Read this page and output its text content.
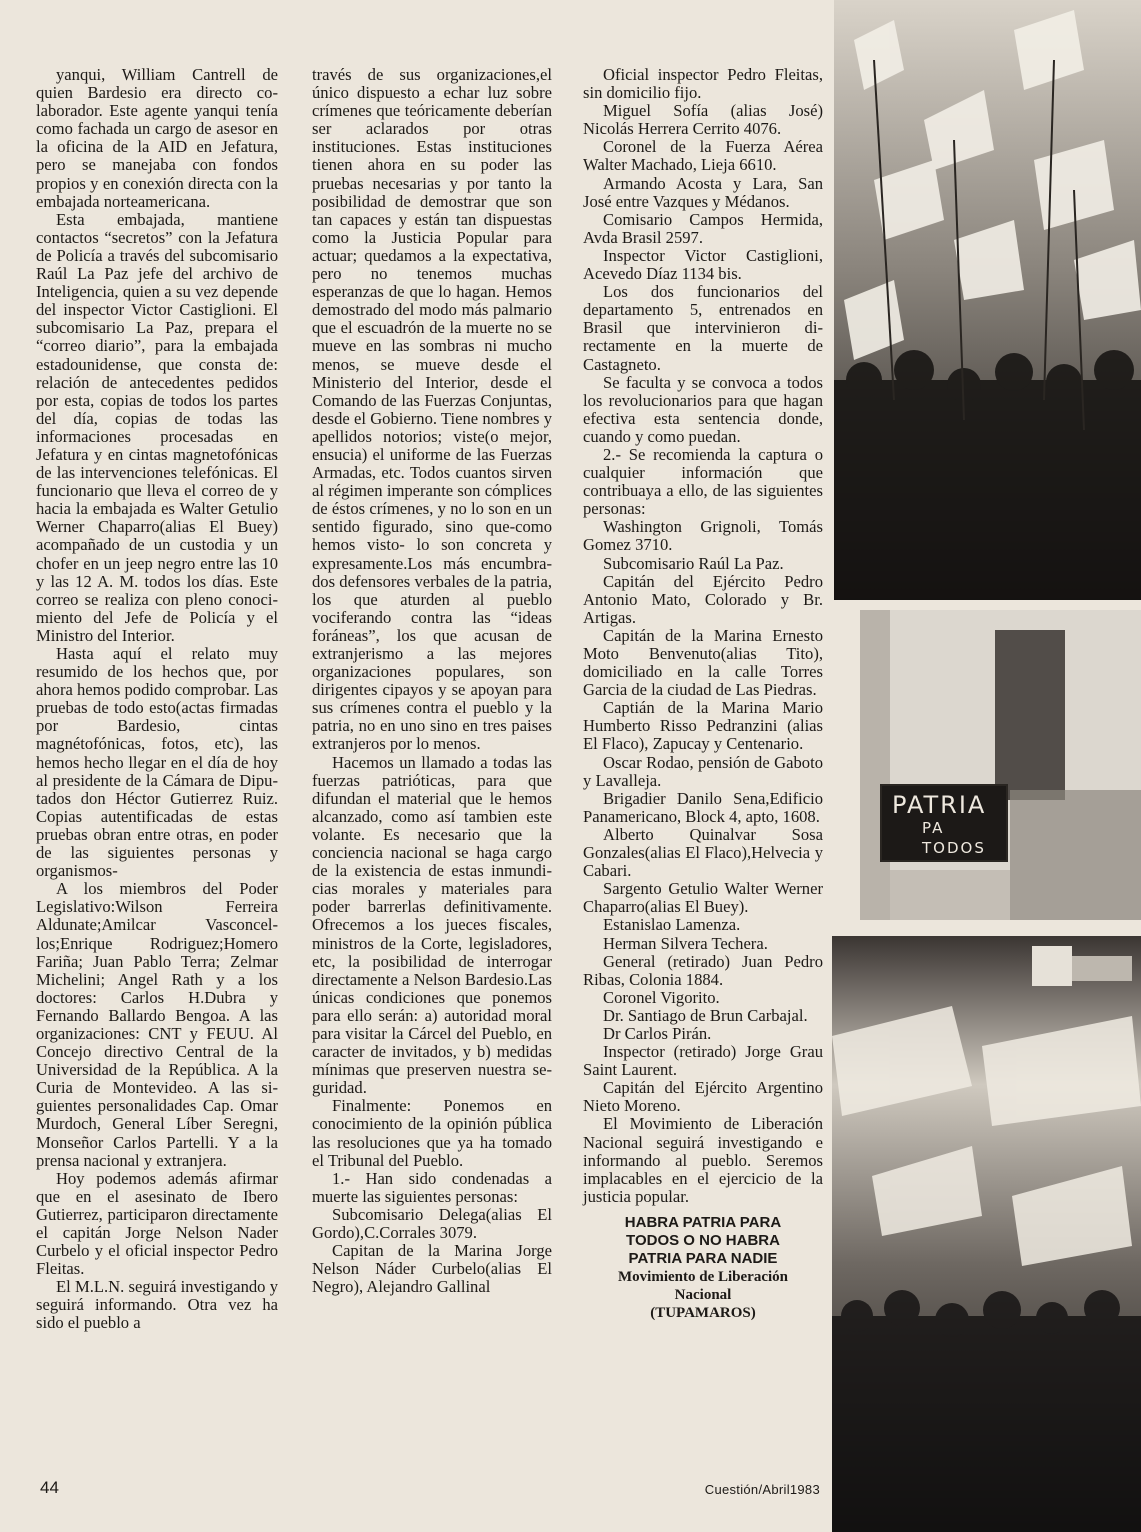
yanqui, William Cantrell de quien Bardesio era directo colaborador. Este agente yanqui tenía como fachada un cargo de asesor en la oficina de la AID en Jefatura, pero se manejaba con fondos propios y en conexión directa con la embajada norteamericana.

Esta embajada, mantiene contactos “secretos” con la Jefatura de Policía a través del subcomisario Raúl La Paz jefe del archivo de Inteligencia, quien a su vez depende del inspector Victor Castiglioni. El subcomisario La Paz, prepara el “correo diario”, para la embajada estadounidense, que consta de: relación de antecedentes pedidos por esta, copias de todos los partes del día, copias de todas las informaciones procesadas en Jefatura y en cintas magnetofónicas de las intervenciones telefónicas. El funcionario que lleva el correo de y hacia la embajada es Walter Getulio Werner Chaparro(alias El Buey) acompañado de un custodia y un chofer en un jeep negro entre las 10 y las 12 A. M. todos los días. Este correo se realiza con pleno conocimiento del Jefe de Policía y el Ministro del Interior.

Hasta aquí el relato muy resumido de los hechos que, por ahora hemos podido comprobar. Las pruebas de todo esto(actas firmadas por Bardesio, cintas magnétofónicas, fotos, etc), las hemos hecho llegar en el día de hoy al presidente de la Cámara de Diputados don Héctor Gutierrez Ruiz. Copias autentificadas de estas pruebas obran entre otras, en poder de las siguientes personas y organismos-

A los miembros del Poder Legislativo:Wilson Ferreira Aldunate;Amilcar Vasconcellos;Enrique Rodriguez;Homero Fariña; Juan Pablo Terra; Zelmar Michelini; Angel Rath y a los doctores: Carlos H.Dubra y Fernando Ballardo Bengoa. A las organizaciones: CNT y FEUU. Al Concejo directivo Central de la Universidad de la República. A la Curia de Montevideo. A las siguientes personalidades Cap. Omar Murdoch, General Líber Seregni, Monseñor Carlos Partelli. Y a la prensa nacional y extranjera.

Hoy podemos además afirmar que en el asesinato de Ibero Gutierrez, participaron directamente el capitán Jorge Nelson Nader Curbelo y el oficial inspector Pedro Fleitas.

El M.L.N. seguirá investigando y seguirá informando. Otra vez ha sido el pueblo a

través de sus organizaciones,el único dispuesto a echar luz sobre crímenes que teóricamente deberían ser aclarados por otras instituciones. Estas instituciones tienen ahora en su poder las pruebas necesarias y por tanto la posibilidad de demostrar que son tan capaces y están tan dispuestas como la Justicia Popular para actuar; quedamos a la expectativa, pero no tenemos muchas esperanzas de que lo hagan. Hemos demostrado del modo más palmario que el escuadrón de la muerte no se mueve en las sombras ni mucho menos, se mueve desde el Ministerio del Interior, desde el Comando de las Fuerzas Conjuntas, desde el Gobierno. Tiene nombres y apellidos notorios; viste(o mejor, ensucia) el uniforme de las Fuerzas Armadas, etc. Todos cuantos sirven al régimen imperante son cómplices de éstos crímenes, y no lo son en un sentido figurado, sino que-como hemos visto- lo son concreta y expresamente.Los más encumbrados defensores verbales de la patria, los que aturden al pueblo vociferando contra las “ideas foráneas”, los que acusan de extranjerismo a las mejores organizaciones populares, son dirigentes cipayos y se apoyan para sus crímenes contra el pueblo y la patria, no en uno sino en tres paises extranjeros por lo menos.

Hacemos un llamado a todas las fuerzas patrióticas, para que difundan el material que le hemos alcanzado, como así tambien este volante. Es necesario que la conciencia nacional se haga cargo de la existencia de estas inmundicias morales y materiales para poder barrerlas definitivamente. Ofrecemos a los jueces fiscales, ministros de la Corte, legisladores, etc, la posibilidad de interrogar directamente a Nelson Bardesio.Las únicas condiciones que ponemos para ello serán: a) autoridad moral para visitar la Cárcel del Pueblo, en caracter de invitados, y b) medidas mínimas que preserven nuestra seguridad.

Finalmente: Ponemos en conocimiento de la opinión pública las resoluciones que ya ha tomado el Tribunal del Pueblo.

1.- Han sido condenadas a muerte las siguientes personas:

Subcomisario Delega(alias El Gordo),C.Corrales 3079.

Capitan de la Marina Jorge Nelson Náder Curbelo(alias El Negro), Alejandro Gallinal

Oficial inspector Pedro Fleitas, sin domicilio fijo.

Miguel Sofía (alias José) Nicolás Herrera Cerrito 4076.

Coronel de la Fuerza Aérea Walter Machado, Lieja 6610.

Armando Acosta y Lara, San José entre Vazques y Médanos.

Comisario Campos Hermida, Avda Brasil 2597.

Inspector Victor Castiglioni, Acevedo Díaz 1134 bis.

Los dos funcionarios del departamento 5, entrenados en Brasil que intervinieron directamente en la muerte de Castagneto.

Se faculta y se convoca a todos los revolucionarios para que hagan efectiva esta sentencia donde, cuando y como puedan.

2.- Se recomienda la captura o cualquier información que contribuaya a ello, de las siguientes personas:

Washington Grignoli, Tomás Gomez 3710.

Subcomisario Raúl La Paz.

Capitán del Ejército Pedro Antonio Mato, Colorado y Br. Artigas.

Capitán de la Marina Ernesto Moto Benvenuto(alias Tito), domiciliado en la calle Torres Garcia de la ciudad de Las Piedras.

Captián de la Marina Mario Humberto Risso Pedranzini (alias El Flaco), Zapucay y Centenario.

Oscar Rodao, pensión de Gaboto y Lavalleja.

Brigadier Danilo Sena,Edificio Panamericano, Block 4, apto, 1608.

Alberto Quinalvar Sosa Gonzales(alias El Flaco),Helvecia y Cabari.

Sargento Getulio Walter Werner Chaparro(alias El Buey).

Estanislao Lamenza.

Herman Silvera Techera.

General (retirado) Juan Pedro Ribas, Colonia 1884.

Coronel Vigorito.

Dr. Santiago de Brun Carbajal.

Dr Carlos Pirán.

Inspector (retirado) Jorge Grau Saint Laurent.

Capitán del Ejército Argentino Nieto Moreno.

El Movimiento de Liberación Nacional seguirá investigando e informando al pueblo. Seremos implacables en el ejercicio de la justicia popular.

HABRA PATRIA PARA
TODOS O NO HABRA
PATRIA PARA NADIE
Movimiento de Liberación
Nacional
(TUPAMAROS)
PATRIA
PA TODOS
44	Cuestión/Abril1983
